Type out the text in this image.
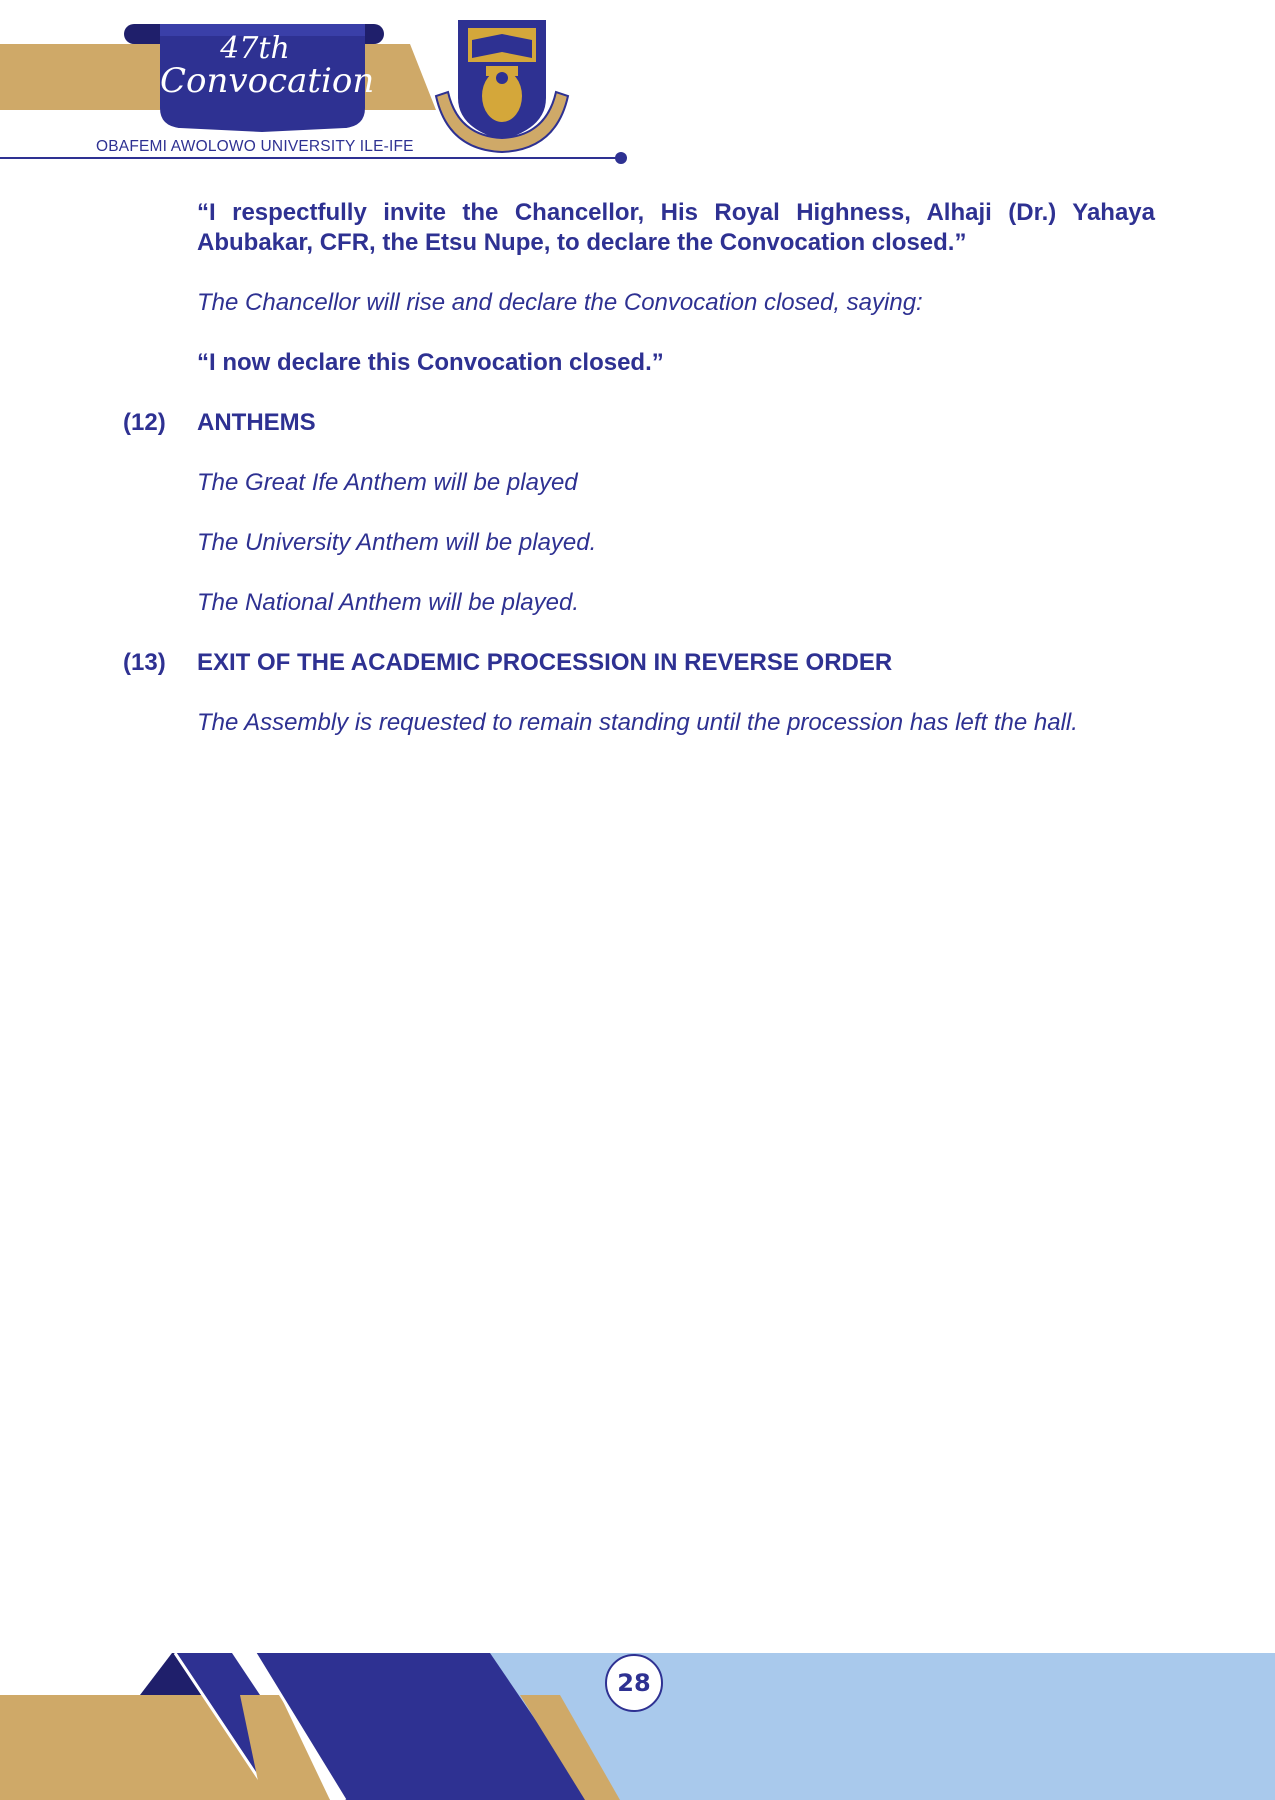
47th
Convocation
OBAFEMI AWOLOWO UNIVERSITY ILE-IFE
“I respectfully invite the Chancellor, His Royal Highness, Alhaji (Dr.) Yahaya Abubakar, CFR, the Etsu Nupe, to declare the Convocation closed.”
The Chancellor will rise and declare the Convocation closed, saying:
“I now declare this Convocation closed.”
(12) ANTHEMS
The Great Ife Anthem will be played
The University Anthem will be played.
The National Anthem will be played.
(13) EXIT OF THE ACADEMIC PROCESSION IN REVERSE ORDER
The Assembly is requested to remain standing until the procession has left the hall.
28
